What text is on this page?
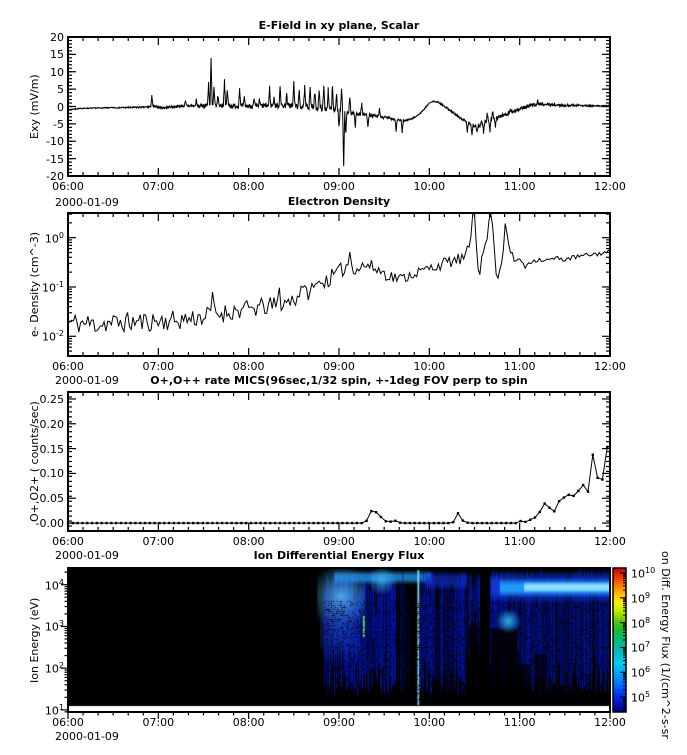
E-Field in xy plane, Scalar
Electron Density
O+,O++ rate MICS(96sec,1/32 spin, +-1deg FOV perp to spin
Ion Differential Energy Flux
Exy (mV/m)
e- Density (cm^-3)
O+,O2+ ( counts/sec)
Ion Energy (eV)
2000-01-09
2000-01-09
2000-01-09
2000-01-09	on Diff. Energy Flux (1/(cm^2-s-sr
-20
-15
-10
-5
0
5
10
15
20
06:00	07:00	08:00	09:00	10:00	11:00	12:00
$10^{-2}$
$10^{-1}$
$10^0$
06:00	07:00	08:00	09:00	10:00	11:00	12:00
-0.00
0.05
0.10
0.15
0.20
0.25
06:00	07:00	08:00	09:00	10:00	11:00	12:00
$10^1$
$10^2$
$10^3$
$10^4$
06:00	07:00	08:00	09:00	10:00	11:00	12:00
$10^5$
$10^6$
$10^7$
$10^8$
$10^9$
$10^{10}$
